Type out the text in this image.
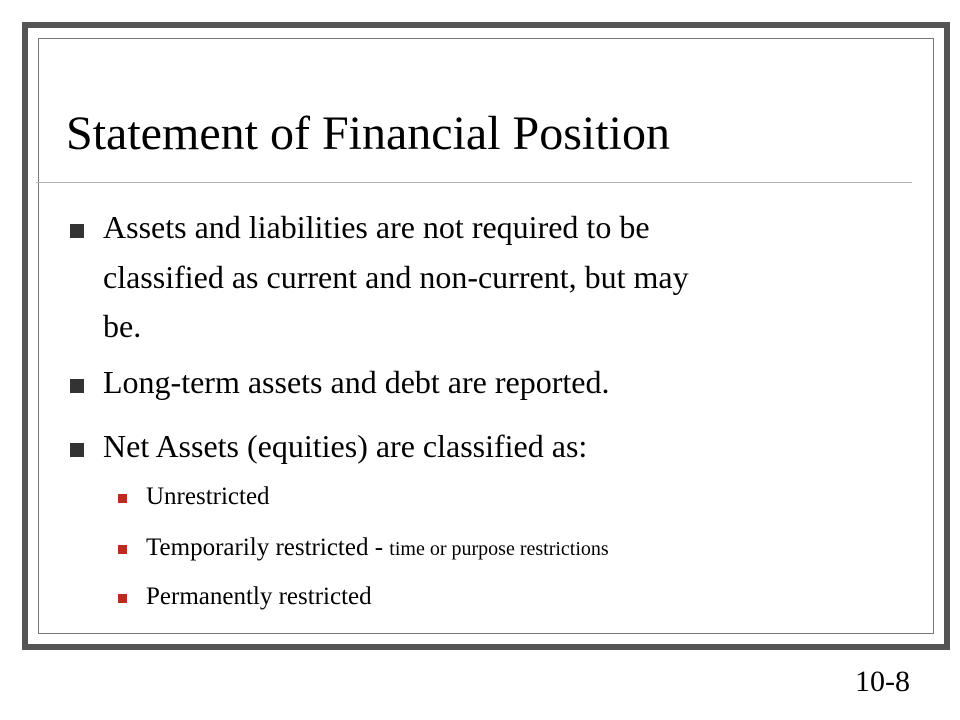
Statement of Financial Position
Assets and liabilities are not required to be
classified as current and non-current, but may
be.
Long-term assets and debt are reported.
Net Assets (equities) are classified as:
Unrestricted
Temporarily restricted - time or purpose restrictions
Permanently restricted
10-8
